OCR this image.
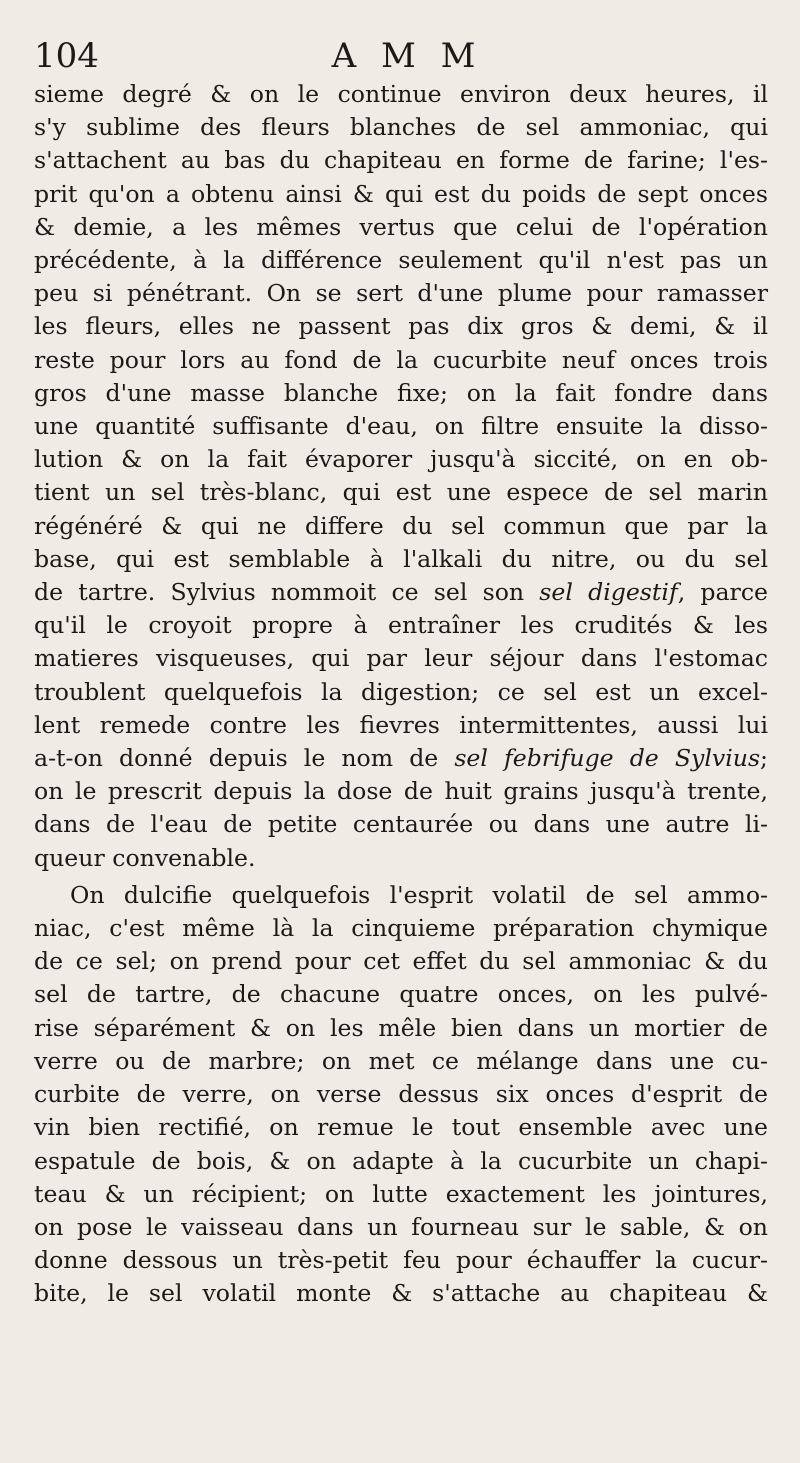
104	A M M
sieme degré & on le continue environ deux heures, il
s'y sublime des fleurs blanches de sel ammoniac, qui
s'attachent au bas du chapiteau en forme de farine; l'es-
prit qu'on a obtenu ainsi & qui est du poids de sept onces
& demie, a les mêmes vertus que celui de l'opération
précédente, à la différence seulement qu'il n'est pas un
peu si pénétrant. On se sert d'une plume pour ramasser
les fleurs, elles ne passent pas dix gros & demi, & il
reste pour lors au fond de la cucurbite neuf onces trois
gros d'une masse blanche fixe; on la fait fondre dans
une quantité suffisante d'eau, on filtre ensuite la disso-
lution & on la fait évaporer jusqu'à siccité, on en ob-
tient un sel très-blanc, qui est une espece de sel marin
régénéré & qui ne differe du sel commun que par la
base, qui est semblable à l'alkali du nitre, ou du sel
de tartre. Sylvius nommoit ce sel son sel digestif, parce
qu'il le croyoit propre à entraîner les crudités & les
matieres visqueuses, qui par leur séjour dans l'estomac
troublent quelquefois la digestion; ce sel est un excel-
lent remede contre les fievres intermittentes, aussi lui
a-t-on donné depuis le nom de sel febrifuge de Sylvius;
on le prescrit depuis la dose de huit grains jusqu'à trente,
dans de l'eau de petite centaurée ou dans une autre li-
queur convenable.
On dulcifie quelquefois l'esprit volatil de sel ammo-
niac, c'est même là la cinquieme préparation chymique
de ce sel; on prend pour cet effet du sel ammoniac & du
sel de tartre, de chacune quatre onces, on les pulvé-
rise séparément & on les mêle bien dans un mortier de
verre ou de marbre; on met ce mélange dans une cu-
curbite de verre, on verse dessus six onces d'esprit de
vin bien rectifié, on remue le tout ensemble avec une
espatule de bois, & on adapte à la cucurbite un chapi-
teau & un récipient; on lutte exactement les jointures,
on pose le vaisseau dans un fourneau sur le sable, & on
donne dessous un très-petit feu pour échauffer la cucur-
bite, le sel volatil monte & s'attache au chapiteau &
